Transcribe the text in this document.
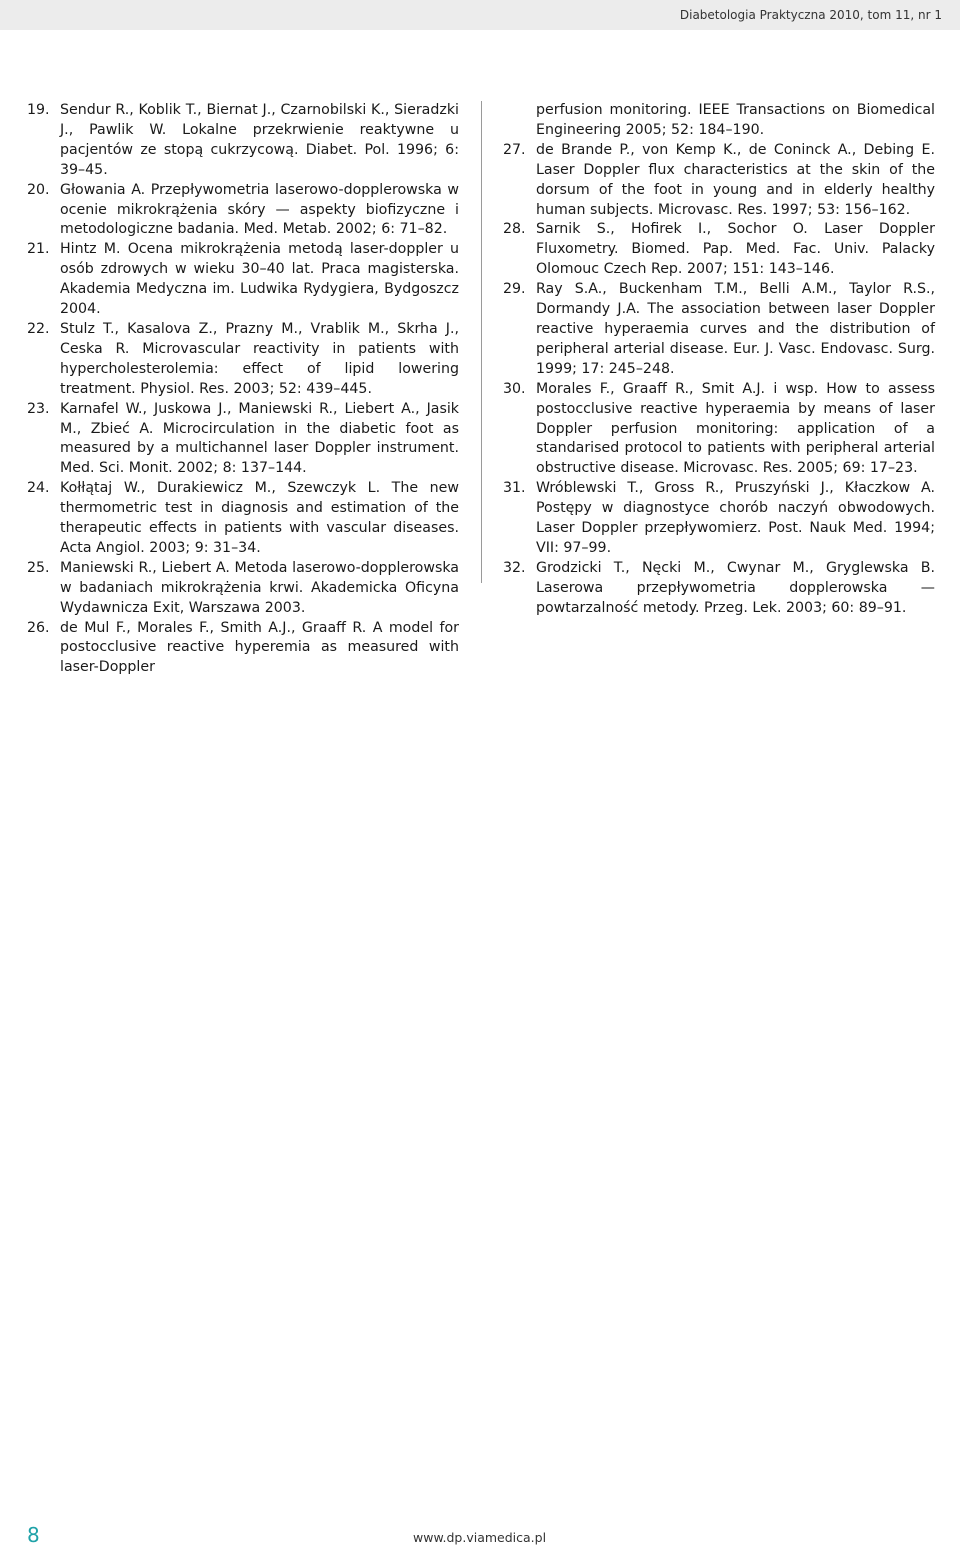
Diabetologia Praktyczna 2010, tom 11, nr 1
19. Sendur R., Koblik T., Biernat J., Czarnobilski K., Sieradzki J., Pawlik W. Lokalne przekrwienie reaktywne u pacjentów ze stopą cukrzycową. Diabet. Pol. 1996; 6: 39–45.
20. Głowania A. Przepływometria laserowo-dopplerowska w ocenie mikrokrążenia skóry — aspekty biofizyczne i metodologiczne badania. Med. Metab. 2002; 6: 71–82.
21. Hintz M. Ocena mikrokrążenia metodą laser-doppler u osób zdrowych w wieku 30–40 lat. Praca magisterska. Akademia Medyczna im. Ludwika Rydygiera, Bydgoszcz 2004.
22. Stulz T., Kasalova Z., Prazny M., Vrablik M., Skrha J., Ceska R. Microvascular reactivity in patients with hypercholesterolemia: effect of lipid lowering treatment. Physiol. Res. 2003; 52: 439–445.
23. Karnafel W., Juskowa J., Maniewski R., Liebert A., Jasik M., Zbieć A. Microcirculation in the diabetic foot as measured by a multichannel laser Doppler instrument. Med. Sci. Monit. 2002; 8: 137–144.
24. Kołłątaj W., Durakiewicz M., Szewczyk L. The new thermometric test in diagnosis and estimation of the therapeutic effects in patients with vascular diseases. Acta Angiol. 2003; 9: 31–34.
25. Maniewski R., Liebert A. Metoda laserowo-dopplerowska w badaniach mikrokrążenia krwi. Akademicka Oficyna Wydawnicza Exit, Warszawa 2003.
26. de Mul F., Morales F., Smith A.J., Graaff R. A model for postocclusive reactive hyperemia as measured with laser-Doppler
perfusion monitoring. IEEE Transactions on Biomedical Engineering 2005; 52: 184–190.
27. de Brande P., von Kemp K., de Coninck A., Debing E. Laser Doppler flux characteristics at the skin of the dorsum of the foot in young and in elderly healthy human subjects. Microvasc. Res. 1997; 53: 156–162.
28. Sarnik S., Hofirek I., Sochor O. Laser Doppler Fluxometry. Biomed. Pap. Med. Fac. Univ. Palacky Olomouc Czech Rep. 2007; 151: 143–146.
29. Ray S.A., Buckenham T.M., Belli A.M., Taylor R.S., Dormandy J.A. The association between laser Doppler reactive hyperaemia curves and the distribution of peripheral arterial disease. Eur. J. Vasc. Endovasc. Surg. 1999; 17: 245–248.
30. Morales F., Graaff R., Smit A.J. i wsp. How to assess postocclusive reactive hyperaemia by means of laser Doppler perfusion monitoring: application of a standarised protocol to patients with peripheral arterial obstructive disease. Microvasc. Res. 2005; 69: 17–23.
31. Wróblewski T., Gross R., Pruszyński J., Kłaczkow A. Postępy w diagnostyce chorób naczyń obwodowych. Laser Doppler przepływomierz. Post. Nauk Med. 1994; VII: 97–99.
32. Grodzicki T., Nęcki M., Cwynar M., Gryglewska B. Laserowa przepływometria dopplerowska — powtarzalność metody. Przeg. Lek. 2003; 60: 89–91.
8	www.dp.viamedica.pl
